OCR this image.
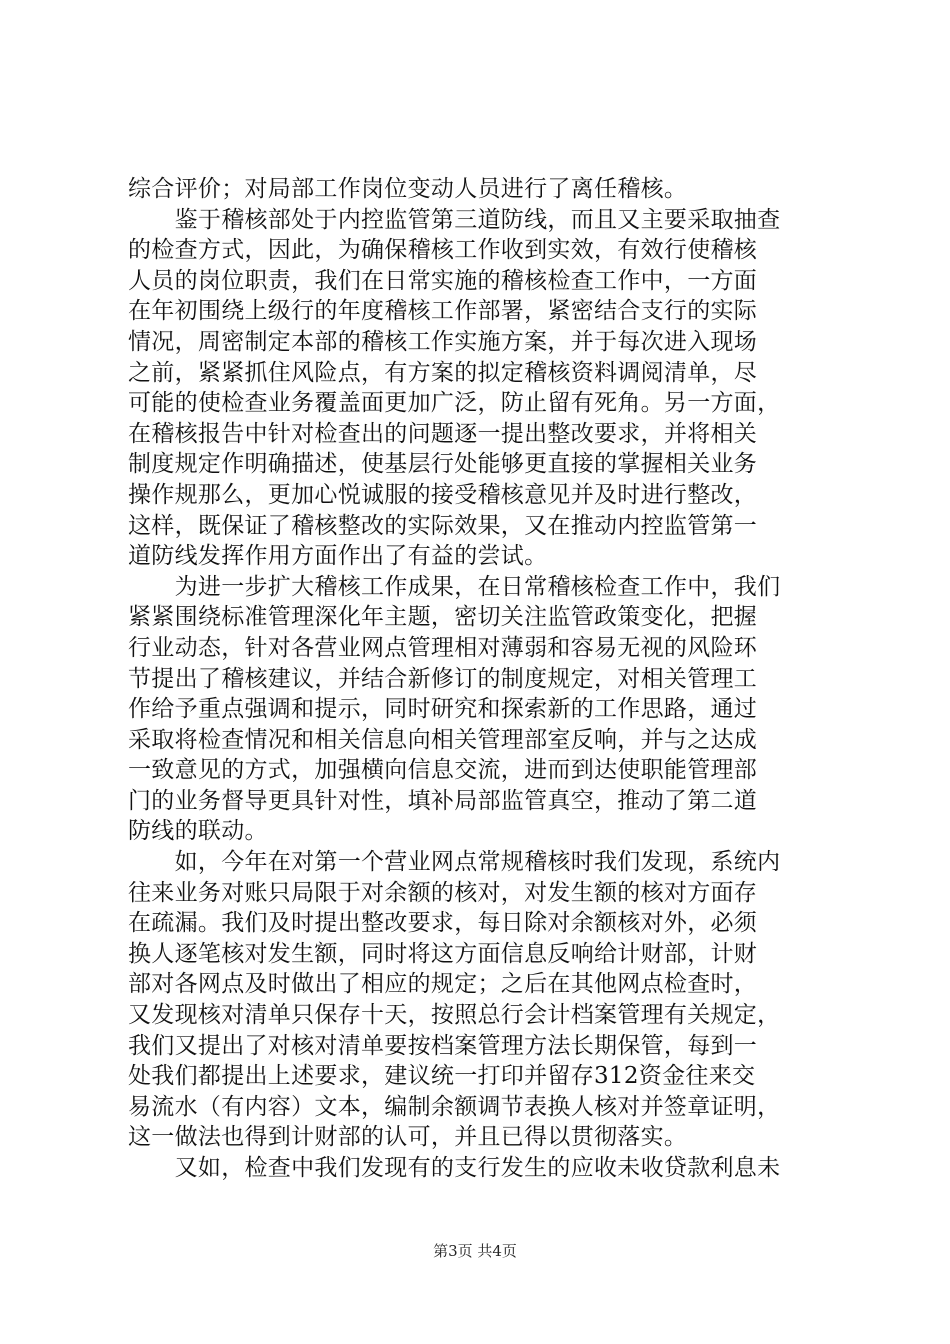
综合评价；对局部工作岗位变动人员进行了离任稽核。
　　鉴于稽核部处于内控监管第三道防线，而且又主要采取抽查
的检查方式，因此，为确保稽核工作收到实效，有效行使稽核
人员的岗位职责，我们在日常实施的稽核检查工作中，一方面
在年初围绕上级行的年度稽核工作部署，紧密结合支行的实际
情况，周密制定本部的稽核工作实施方案，并于每次进入现场
之前，紧紧抓住风险点，有方案的拟定稽核资料调阅清单，尽
可能的使检查业务覆盖面更加广泛，防止留有死角。另一方面，
在稽核报告中针对检查出的问题逐一提出整改要求，并将相关
制度规定作明确描述，使基层行处能够更直接的掌握相关业务
操作规那么，更加心悦诚服的接受稽核意见并及时进行整改，
这样，既保证了稽核整改的实际效果，又在推动内控监管第一
道防线发挥作用方面作出了有益的尝试。
　　为进一步扩大稽核工作成果，在日常稽核检查工作中，我们
紧紧围绕标准管理深化年主题，密切关注监管政策变化，把握
行业动态，针对各营业网点管理相对薄弱和容易无视的风险环
节提出了稽核建议，并结合新修订的制度规定，对相关管理工
作给予重点强调和提示，同时研究和探索新的工作思路，通过
采取将检查情况和相关信息向相关管理部室反响，并与之达成
一致意见的方式，加强横向信息交流，进而到达使职能管理部
门的业务督导更具针对性，填补局部监管真空，推动了第二道
防线的联动。
　　如，今年在对第一个营业网点常规稽核时我们发现，系统内
往来业务对账只局限于对余额的核对，对发生额的核对方面存
在疏漏。我们及时提出整改要求，每日除对余额核对外，必须
换人逐笔核对发生额，同时将这方面信息反响给计财部，计财
部对各网点及时做出了相应的规定；之后在其他网点检查时，
又发现核对清单只保存十天，按照总行会计档案管理有关规定，
我们又提出了对核对清单要按档案管理方法长期保管，每到一
处我们都提出上述要求，建议统一打印并留存312资金往来交
易流水（有内容）文本，编制余额调节表换人核对并签章证明，
这一做法也得到计财部的认可，并且已得以贯彻落实。
　　又如，检查中我们发现有的支行发生的应收未收贷款利息未
第3页 共4页
